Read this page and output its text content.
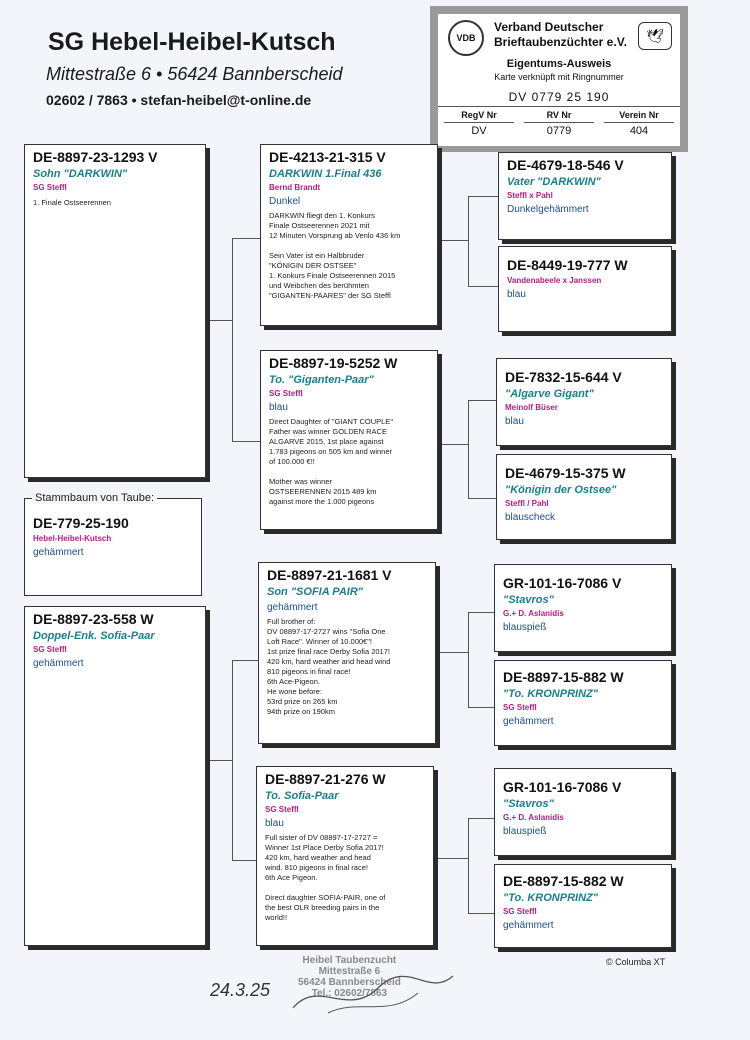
SG Hebel-Heibel-Kutsch
Mittestraße 6 • 56424 Bannberscheid
02602 / 7863 • stefan-heibel@t-online.de
VDB	🕊
Verband Deutscher
Brieftaubenzüchter e.V.
Eigentums-Ausweis
Karte verknüpft mit Ringnummer
DV 0779 25 190
RegV Nr
DV
RV Nr
0779
Verein Nr
404
DE-8897-23-1293 V
Sohn "DARKWIN"
SG Steffl
1. Finale Ostseerennen
DE-779-25-190
Hebel-Heibel-Kutsch
gehämmert
Stammbaum von Taube:
DE-8897-23-558 W
Doppel-Enk. Sofia-Paar
SG Steffl
gehämmert
DE-4213-21-315 V
DARKWIN 1.Final 436
Bernd Brandt
Dunkel
DARKWIN fliegt den 1. Konkurs
Finale Ostseerennen 2021 mit
12 Minuten Vorsprung ab Venlo 436 km

Sein Vater ist ein Halbbruder
"KÖNIGIN DER OSTSEE"
1. Konkurs Finale Ostseerennen 2015
und Weibchen des berühmten
"GIGANTEN-PAARES" der SG Steffl
DE-8897-19-5252 W
To. "Giganten-Paar"
SG Steffl
blau
Direct Daughter of "GIANT COUPLE"
Father was winner GOLDEN RACE
ALGARVE 2015, 1st place against
1.783 pigeons on 505 km and winner
of 100.000 €!!

Mother was winner
OSTSEERENNEN 2015 489 km
against more the 1.000 pigeons
DE-8897-21-1681 V
Son "SOFIA PAIR"
gehämmert
Full brother of:
DV 08897-17-2727 wins "Sofia One
Loft Race". Winner of 10.000€"!
1st prize final race Derby Sofia 2017!
420 km, hard weather and head wind
810 pigeons in final race!
6th Ace-Pigeon.
He wone before:
53rd prize on 265 km
94th prize on 190km
DE-8897-21-276 W
To. Sofia-Paar
SG Steffl
blau
Full sister of DV 08897-17-2727 =
Winner 1st Place Derby Sofia 2017!
420 km, hard weather and head
wind. 810 pigeons in final race!
6th Ace Pigeon.

Direct daughter SOFIA-PAIR, one of
the best OLR breeding pairs in the
world!!
DE-4679-18-546 V
Vater "DARKWIN"
Steffl x Pahl
Dunkelgehämmert
DE-8449-19-777 W
Vandenabeele x Janssen
blau
DE-7832-15-644 V
"Algarve Gigant"
Meinolf Büser
blau
DE-4679-15-375 W
"Königin der Ostsee"
Steffl / Pahl
blauscheck
GR-101-16-7086 V
"Stavros"
G.+ D. Aslanidis
blauspieß
DE-8897-15-882 W
"To. KRONPRINZ"
SG Steffl
gehämmert
GR-101-16-7086 V
"Stavros"
G.+ D. Aslanidis
blauspieß
DE-8897-15-882 W
"To. KRONPRINZ"
SG Steffl
gehämmert
Heibel Taubenzucht
Mittestraße 6
56424 Bannberscheid
Tel.: 02602/7863
24.3.25
© Columba XT
